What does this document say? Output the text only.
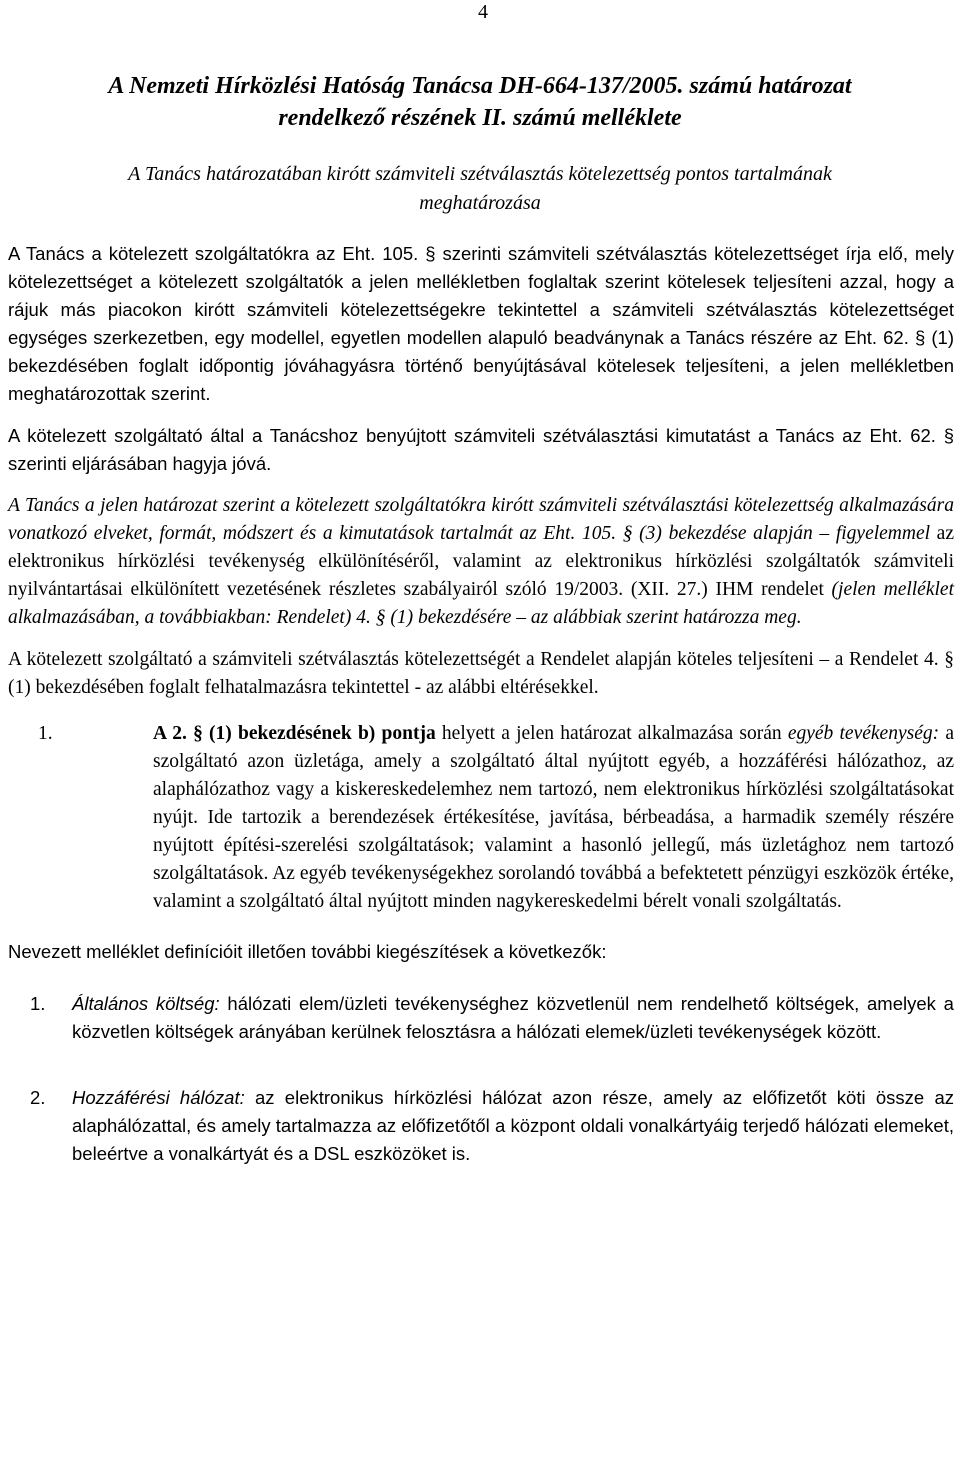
4
A Nemzeti Hírközlési Hatóság Tanácsa DH-664-137/2005. számú határozat
rendelkező részének II. számú melléklete
A Tanács határozatában kirótt számviteli szétválasztás kötelezettség pontos tartalmának
meghatározása

A Tanács a kötelezett szolgáltatókra az Eht. 105. § szerinti számviteli szétválasztás kötelezettséget írja elő, mely kötelezettséget a kötelezett szolgáltatók a jelen mellékletben foglaltak szerint kötelesek teljesíteni azzal, hogy a rájuk más piacokon kirótt számviteli kötelezettségekre tekintettel a számviteli szétválasztás kötelezettséget egységes szerkezetben, egy modellel, egyetlen modellen alapuló beadványnak a Tanács részére az Eht. 62. § (1) bekezdésében foglalt időpontig jóváhagyásra történő benyújtásával kötelesek teljesíteni, a jelen mellékletben meghatározottak szerint.

A kötelezett szolgáltató által a Tanácshoz benyújtott számviteli szétválasztási kimutatást a Tanács az Eht. 62. § szerinti eljárásában hagyja jóvá.

A Tanács a jelen határozat szerint a kötelezett szolgáltatókra kirótt számviteli szétválasztási kötelezettség alkalmazására vonatkozó elveket, formát, módszert és a kimutatások tartalmát az Eht. 105. § (3) bekezdése alapján – figyelemmel az elektronikus hírközlési tevékenység elkülönítéséről, valamint az elektronikus hírközlési szolgáltatók számviteli nyilvántartásai elkülönített vezetésének részletes szabályairól szóló 19/2003. (XII. 27.) IHM rendelet (jelen melléklet alkalmazásában, a továbbiakban: Rendelet) 4. § (1) bekezdésére – az alábbiak szerint határozza meg.

A kötelezett szolgáltató a számviteli szétválasztás kötelezettségét a Rendelet alapján köteles teljesíteni – a Rendelet 4. § (1) bekezdésében foglalt felhatalmazásra tekintettel - az alábbi eltérésekkel.

1.	A 2. § (1) bekezdésének b) pontja helyett a jelen határozat alkalmazása során egyéb tevékenység: a szolgáltató azon üzletága, amely a szolgáltató által nyújtott egyéb, a hozzáférési hálózathoz, az alaphálózathoz vagy a kiskereskedelemhez nem tartozó, nem elektronikus hírközlési szolgáltatásokat nyújt. Ide tartozik a berendezések értékesítése, javítása, bérbeadása, a harmadik személy részére nyújtott építési-szerelési szolgáltatások; valamint a hasonló jellegű, más üzletághoz nem tartozó szolgáltatások. Az egyéb tevékenységekhez sorolandó továbbá a befektetett pénzügyi eszközök értéke, valamint a szolgáltató által nyújtott minden nagykereskedelmi bérelt vonali szolgáltatás.

Nevezett melléklet definícióit illetően további kiegészítések a következők:

1.	Általános költség: hálózati elem/üzleti tevékenységhez közvetlenül nem rendelhető költségek, amelyek a közvetlen költségek arányában kerülnek felosztásra a hálózati elemek/üzleti tevékenységek között.
2.	Hozzáférési hálózat: az elektronikus hírközlési hálózat azon része, amely az előfizetőt köti össze az alaphálózattal, és amely tartalmazza az előfizetőtől a központ oldali vonalkártyáig terjedő hálózati elemeket, beleértve a vonalkártyát és a DSL eszközöket is.
